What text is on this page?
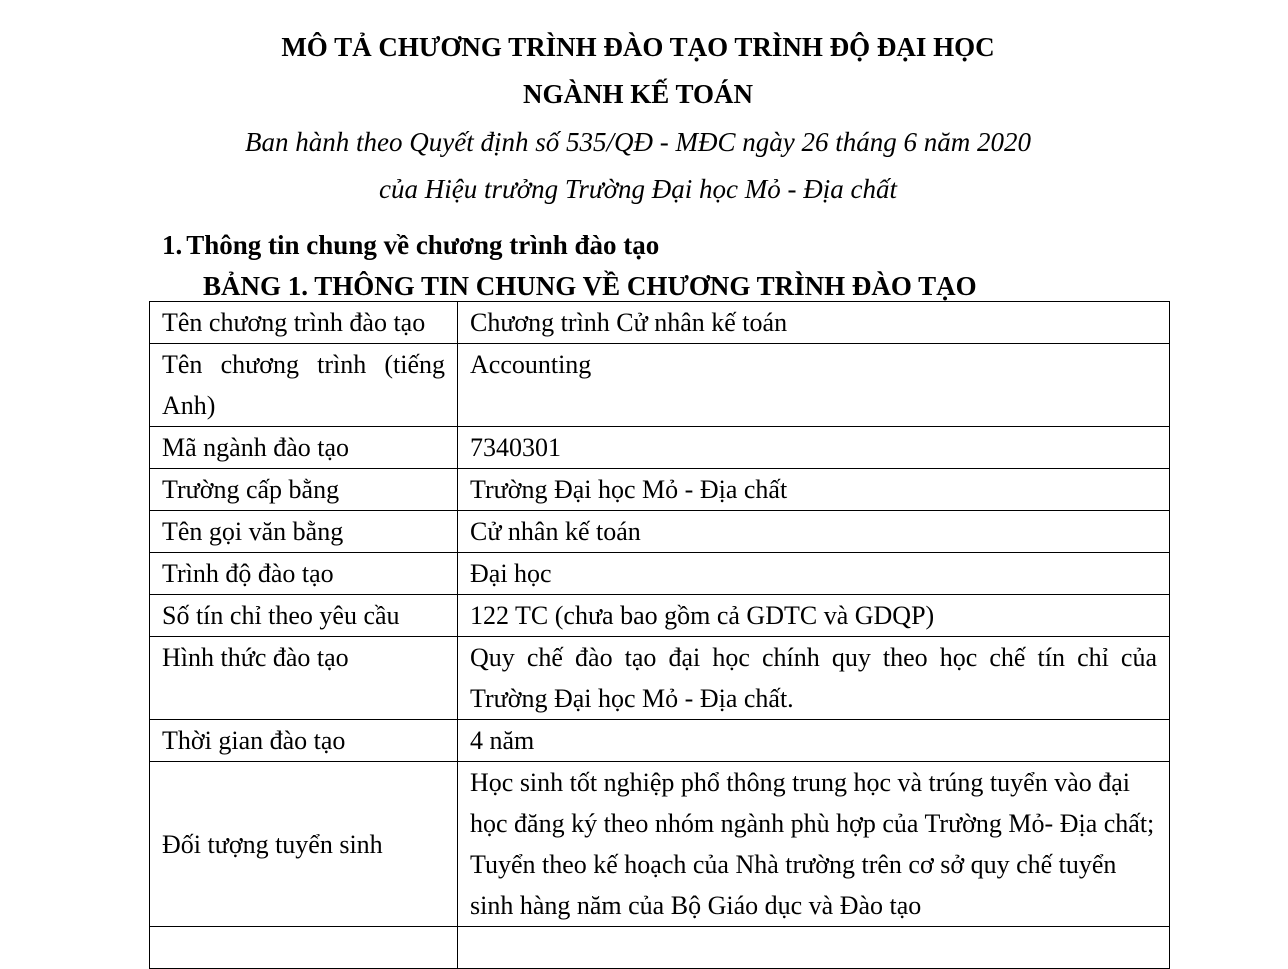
MÔ TẢ CHƯƠNG TRÌNH ĐÀO TẠO TRÌNH ĐỘ ĐẠI HỌC
NGÀNH KẾ TOÁN
Ban hành theo Quyết định số 535/QĐ - MĐC ngày 26 tháng 6 năm 2020
của Hiệu trưởng Trường Đại học Mỏ - Địa chất
1. Thông tin chung về chương trình đào tạo
BẢNG 1. THÔNG TIN CHUNG VỀ CHƯƠNG TRÌNH ĐÀO TẠO
Tên chương trình đào tạo	Chương trình Cử nhân kế toán
Tên chương trình (tiếng Anh)	Accounting
Mã ngành đào tạo	7340301
Trường cấp bằng	Trường Đại học Mỏ - Địa chất
Tên gọi văn bằng	Cử nhân kế toán
Trình độ đào tạo	Đại học
Số tín chỉ theo yêu cầu	122 TC (chưa bao gồm cả GDTC và GDQP)
Hình thức đào tạo	Quy chế đào tạo đại học chính quy theo học chế tín chỉ của Trường Đại học Mỏ - Địa chất.
Thời gian đào tạo	4 năm
Đối tượng tuyển sinh	Học sinh tốt nghiệp phổ thông trung học và trúng tuyển vào đại học đăng ký theo nhóm ngành phù hợp của Trường Mỏ- Địa chất; Tuyển theo kế hoạch của Nhà trường trên cơ sở quy chế tuyển sinh hàng năm của Bộ Giáo dục và Đào tạo
